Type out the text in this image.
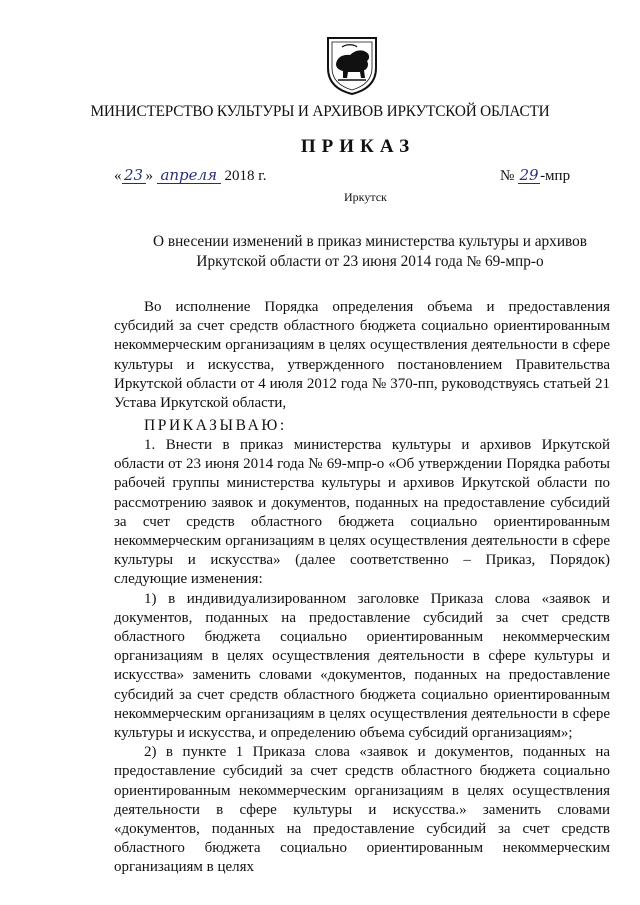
МИНИСТЕРСТВО КУЛЬТУРЫ И АРХИВОВ ИРКУТСКОЙ ОБЛАСТИ
ПРИКАЗ
« 23 » апреля 2018 г.	№ 29-мпр
Иркутск
О внесении изменений в приказ министерства культуры и архивов Иркутской области от 23 июня 2014 года № 69-мпр-о
Во исполнение Порядка определения объема и предоставления субсидий за счет средств областного бюджета социально ориентированным некоммерческим организациям в целях осуществления деятельности в сфере культуры и искусства, утвержденного постановлением Правительства Иркутской области от 4 июля 2012 года № 370-пп, руководствуясь статьей 21 Устава Иркутской области,
ПРИКАЗЫВАЮ:

1. Внести в приказ министерства культуры и архивов Иркутской области от 23 июня 2014 года № 69-мпр-о «Об утверждении Порядка работы рабочей группы министерства культуры и архивов Иркутской области по рассмотрению заявок и документов, поданных на предоставление субсидий за счет средств областного бюджета социально ориентированным некоммерческим организациям в целях осуществления деятельности в сфере культуры и искусства» (далее соответственно – Приказ, Порядок) следующие изменения:

1) в индивидуализированном заголовке Приказа слова «заявок и документов, поданных на предоставление субсидий за счет средств областного бюджета социально ориентированным некоммерческим организациям в целях осуществления деятельности в сфере культуры и искусства» заменить словами «документов, поданных на предоставление субсидий за счет средств областного бюджета социально ориентированным некоммерческим организациям в целях осуществления деятельности в сфере культуры и искусства, и определению объема субсидий организациям»;

2) в пункте 1 Приказа слова «заявок и документов, поданных на предоставление субсидий за счет средств областного бюджета социально ориентированным некоммерческим организациям в целях осуществления деятельности в сфере культуры и искусства.» заменить словами «документов, поданных на предоставление субсидий за счет средств областного бюджета социально ориентированным некоммерческим организациям в целях
